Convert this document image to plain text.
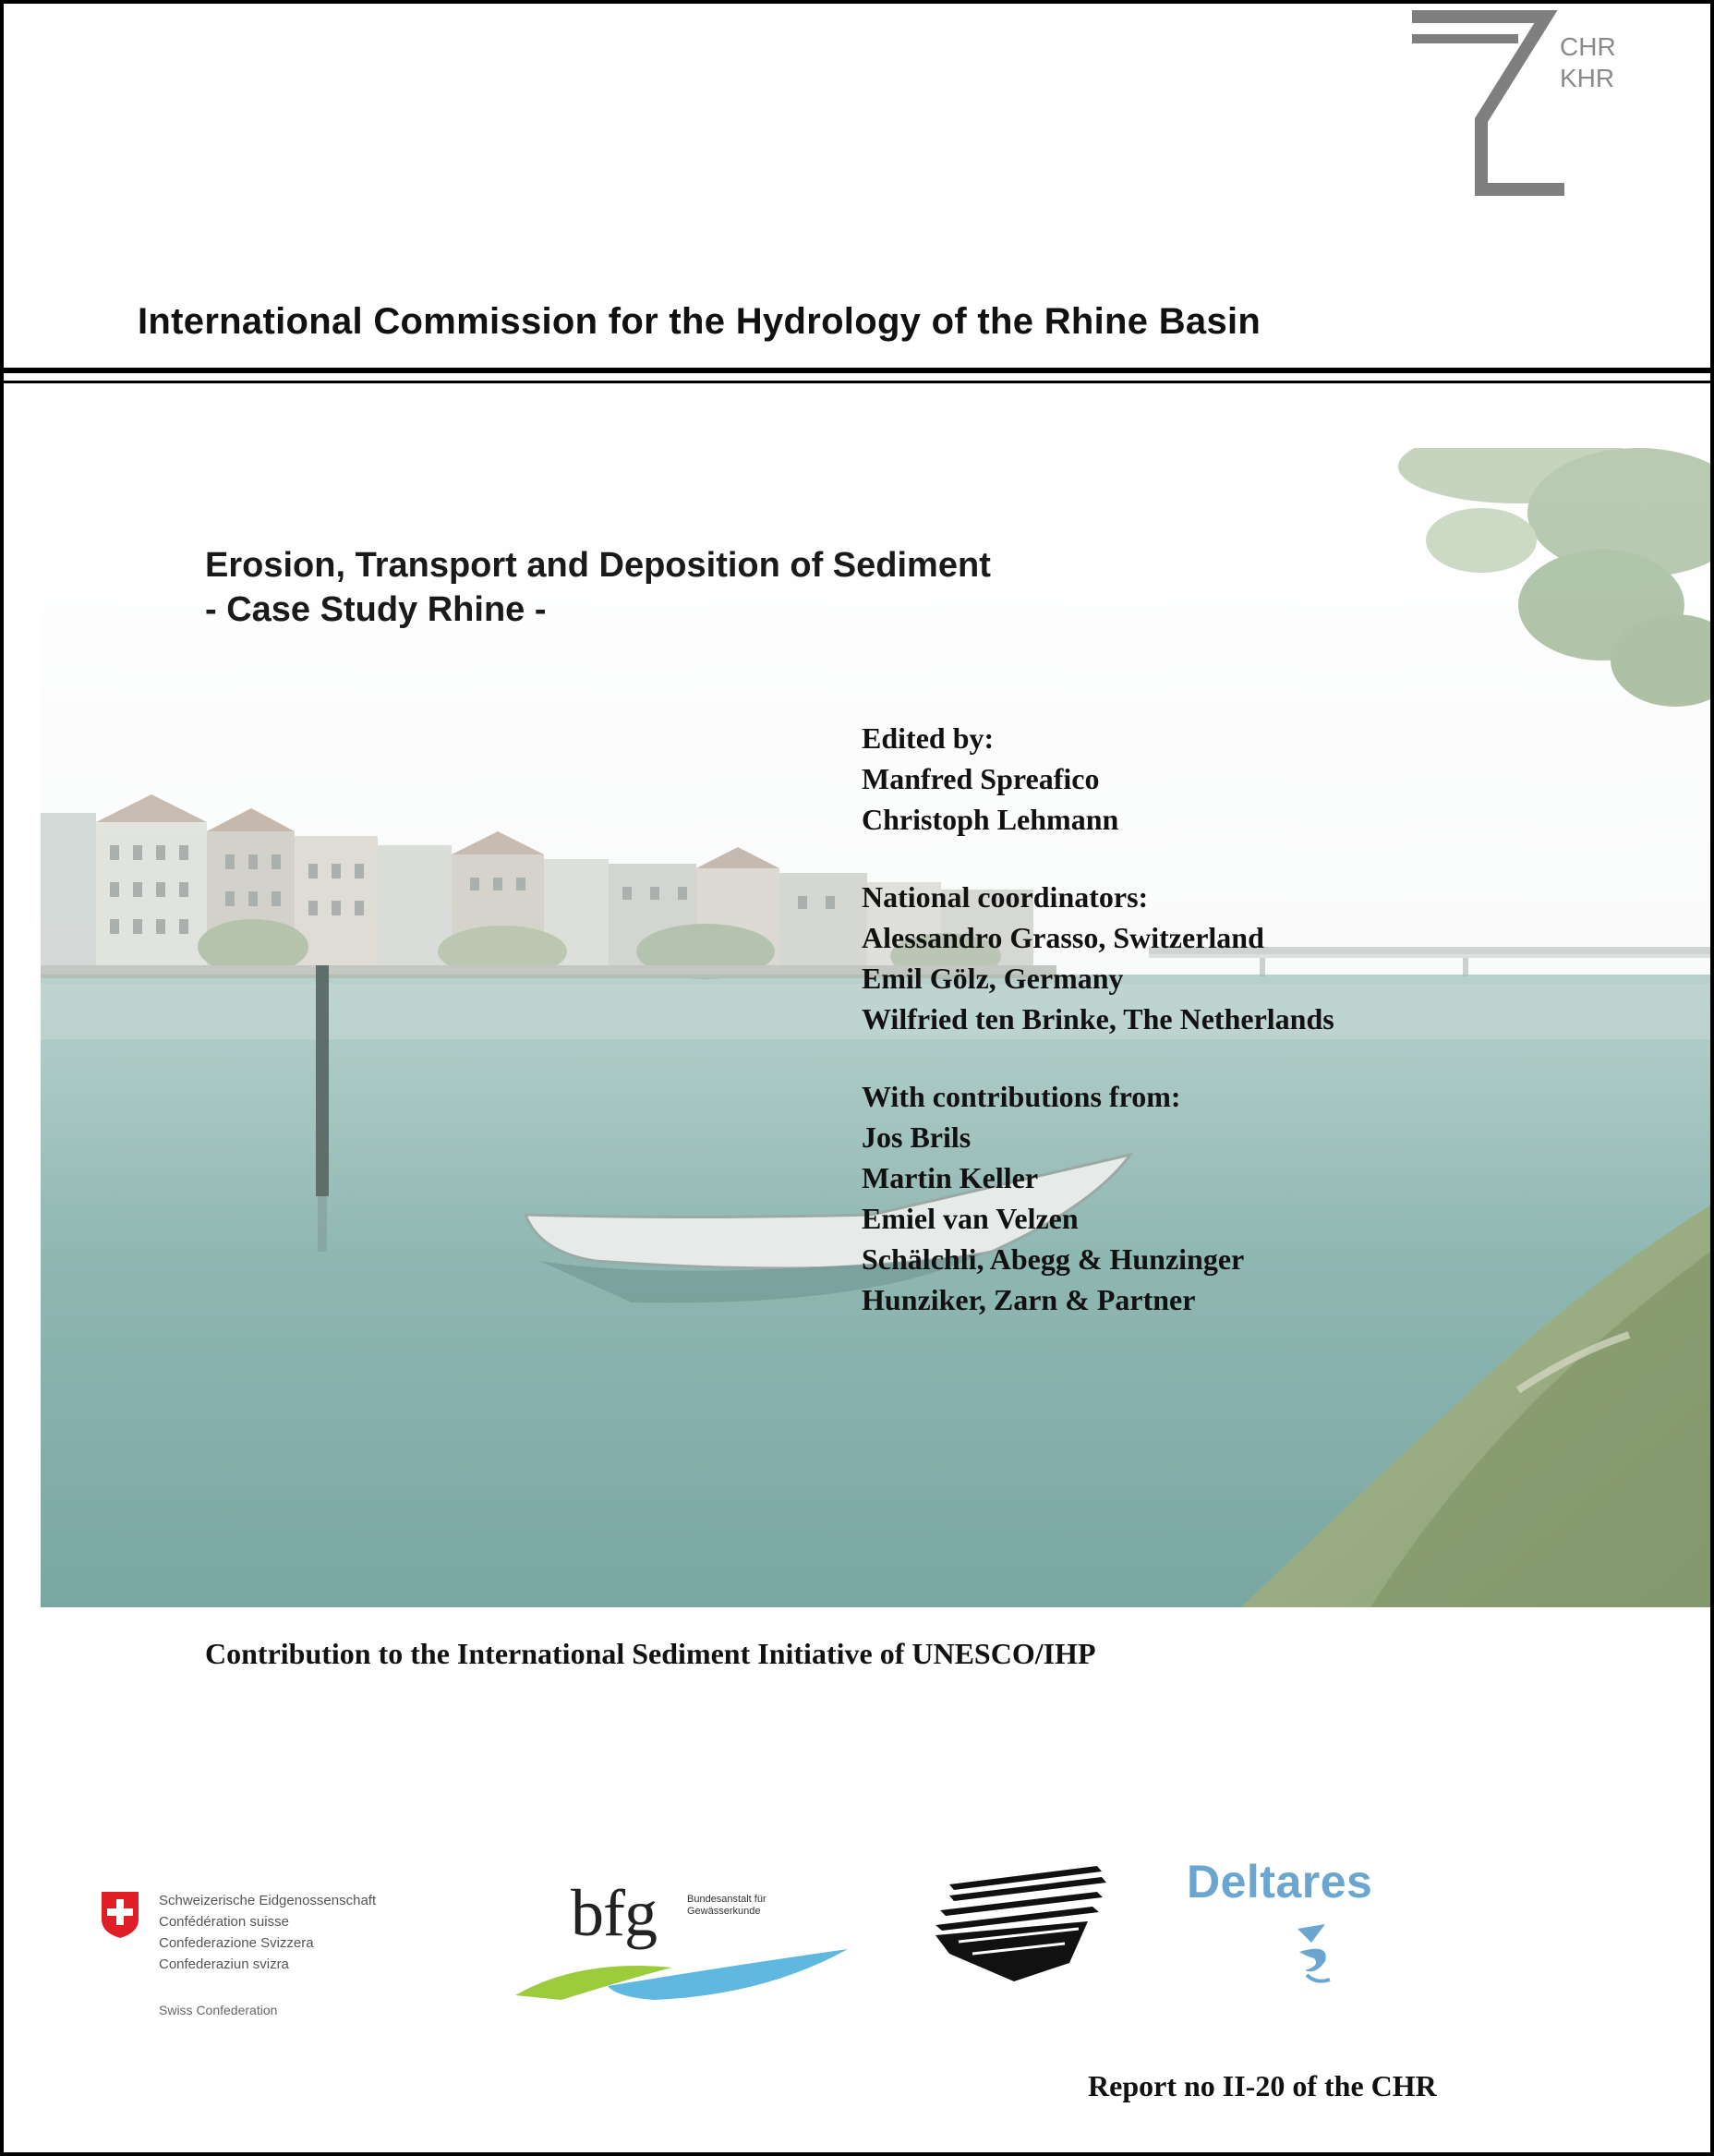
CHR
KHR
International Commission for the Hydrology of the Rhine Basin
Erosion, Transport and Deposition of Sediment
- Case Study Rhine -
Edited by:
Manfred Spreafico
Christoph Lehmann
National coordinators:
Alessandro Grasso, Switzerland
Emil Gölz, Germany
Wilfried ten Brinke, The Netherlands
With contributions from:
Jos Brils
Martin Keller
Emiel van Velzen
Schälchli, Abegg & Hunzinger
Hunziker, Zarn & Partner
Contribution to the International Sediment Initiative of UNESCO/IHP
Schweizerische Eidgenossenschaft
Confédération suisse
Confederazione Svizzera
Confederaziun svizra
Swiss Confederation
bfg	Bundesanstalt für
Gewässerkunde
Deltares
Report no II-20 of the CHR
